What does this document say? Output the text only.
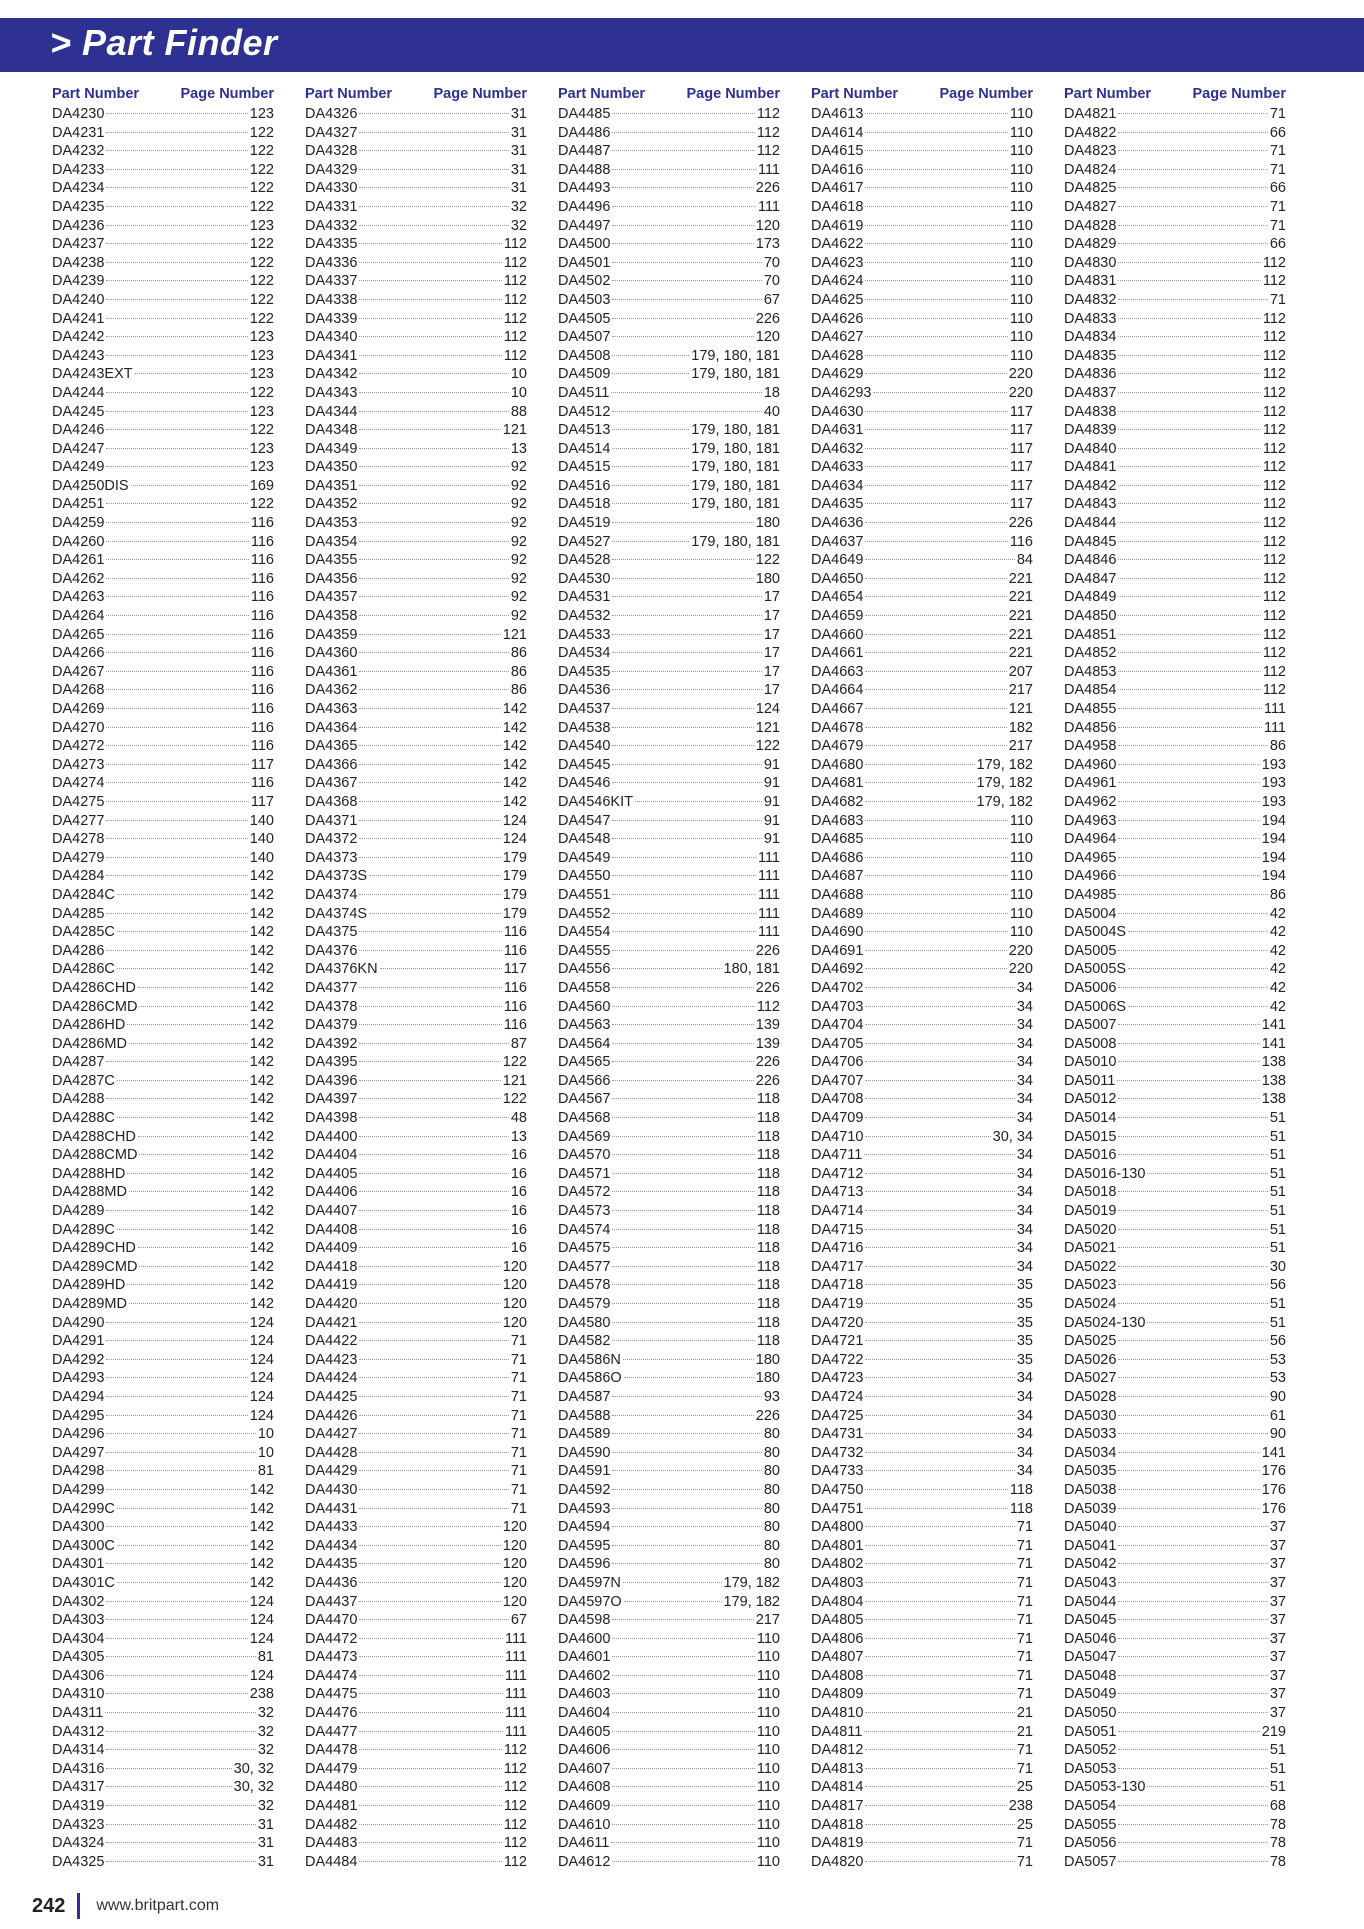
> Part Finder
Part Number	Page Number
DA4230	123
DA4231	122
DA4232	122
DA4233	122
DA4234	122
DA4235	122
DA4236	123
DA4237	122
DA4238	122
DA4239	122
DA4240	122
DA4241	122
DA4242	123
DA4243	123
DA4243EXT	123
DA4244	122
DA4245	123
DA4246	122
DA4247	123
DA4249	123
DA4250DIS	169
DA4251	122
DA4259	116
DA4260	116
DA4261	116
DA4262	116
DA4263	116
DA4264	116
DA4265	116
DA4266	116
DA4267	116
DA4268	116
DA4269	116
DA4270	116
DA4272	116
DA4273	117
DA4274	116
DA4275	117
DA4277	140
DA4278	140
DA4279	140
DA4284	142
DA4284C	142
DA4285	142
DA4285C	142
DA4286	142
DA4286C	142
DA4286CHD	142
DA4286CMD	142
DA4286HD	142
DA4286MD	142
DA4287	142
DA4287C	142
DA4288	142
DA4288C	142
DA4288CHD	142
DA4288CMD	142
DA4288HD	142
DA4288MD	142
DA4289	142
DA4289C	142
DA4289CHD	142
DA4289CMD	142
DA4289HD	142
DA4289MD	142
DA4290	124
DA4291	124
DA4292	124
DA4293	124
DA4294	124
DA4295	124
DA4296	10
DA4297	10
DA4298	81
DA4299	142
DA4299C	142
DA4300	142
DA4300C	142
DA4301	142
DA4301C	142
DA4302	124
DA4303	124
DA4304	124
DA4305	81
DA4306	124
DA4310	238
DA4311	32
DA4312	32
DA4314	32
DA4316	30, 32
DA4317	30, 32
DA4319	32
DA4323	31
DA4324	31
DA4325	31
Part Number	Page Number
DA4326	31
DA4327	31
DA4328	31
DA4329	31
DA4330	31
DA4331	32
DA4332	32
DA4335	112
DA4336	112
DA4337	112
DA4338	112
DA4339	112
DA4340	112
DA4341	112
DA4342	10
DA4343	10
DA4344	88
DA4348	121
DA4349	13
DA4350	92
DA4351	92
DA4352	92
DA4353	92
DA4354	92
DA4355	92
DA4356	92
DA4357	92
DA4358	92
DA4359	121
DA4360	86
DA4361	86
DA4362	86
DA4363	142
DA4364	142
DA4365	142
DA4366	142
DA4367	142
DA4368	142
DA4371	124
DA4372	124
DA4373	179
DA4373S	179
DA4374	179
DA4374S	179
DA4375	116
DA4376	116
DA4376KN	117
DA4377	116
DA4378	116
DA4379	116
DA4392	87
DA4395	122
DA4396	121
DA4397	122
DA4398	48
DA4400	13
DA4404	16
DA4405	16
DA4406	16
DA4407	16
DA4408	16
DA4409	16
DA4418	120
DA4419	120
DA4420	120
DA4421	120
DA4422	71
DA4423	71
DA4424	71
DA4425	71
DA4426	71
DA4427	71
DA4428	71
DA4429	71
DA4430	71
DA4431	71
DA4433	120
DA4434	120
DA4435	120
DA4436	120
DA4437	120
DA4470	67
DA4472	111
DA4473	111
DA4474	111
DA4475	111
DA4476	111
DA4477	111
DA4478	112
DA4479	112
DA4480	112
DA4481	112
DA4482	112
DA4483	112
DA4484	112
Part Number	Page Number
DA4485	112
DA4486	112
DA4487	112
DA4488	111
DA4493	226
DA4496	111
DA4497	120
DA4500	173
DA4501	70
DA4502	70
DA4503	67
DA4505	226
DA4507	120
DA4508	179, 180, 181
DA4509	179, 180, 181
DA4511	18
DA4512	40
DA4513	179, 180, 181
DA4514	179, 180, 181
DA4515	179, 180, 181
DA4516	179, 180, 181
DA4518	179, 180, 181
DA4519	180
DA4527	179, 180, 181
DA4528	122
DA4530	180
DA4531	17
DA4532	17
DA4533	17
DA4534	17
DA4535	17
DA4536	17
DA4537	124
DA4538	121
DA4540	122
DA4545	91
DA4546	91
DA4546KIT	91
DA4547	91
DA4548	91
DA4549	111
DA4550	111
DA4551	111
DA4552	111
DA4554	111
DA4555	226
DA4556	180, 181
DA4558	226
DA4560	112
DA4563	139
DA4564	139
DA4565	226
DA4566	226
DA4567	118
DA4568	118
DA4569	118
DA4570	118
DA4571	118
DA4572	118
DA4573	118
DA4574	118
DA4575	118
DA4577	118
DA4578	118
DA4579	118
DA4580	118
DA4582	118
DA4586N	180
DA4586O	180
DA4587	93
DA4588	226
DA4589	80
DA4590	80
DA4591	80
DA4592	80
DA4593	80
DA4594	80
DA4595	80
DA4596	80
DA4597N	179, 182
DA4597O	179, 182
DA4598	217
DA4600	110
DA4601	110
DA4602	110
DA4603	110
DA4604	110
DA4605	110
DA4606	110
DA4607	110
DA4608	110
DA4609	110
DA4610	110
DA4611	110
DA4612	110
Part Number	Page Number
DA4613	110
DA4614	110
DA4615	110
DA4616	110
DA4617	110
DA4618	110
DA4619	110
DA4622	110
DA4623	110
DA4624	110
DA4625	110
DA4626	110
DA4627	110
DA4628	110
DA4629	220
DA46293	220
DA4630	117
DA4631	117
DA4632	117
DA4633	117
DA4634	117
DA4635	117
DA4636	226
DA4637	116
DA4649	84
DA4650	221
DA4654	221
DA4659	221
DA4660	221
DA4661	221
DA4663	207
DA4664	217
DA4667	121
DA4678	182
DA4679	217
DA4680	179, 182
DA4681	179, 182
DA4682	179, 182
DA4683	110
DA4685	110
DA4686	110
DA4687	110
DA4688	110
DA4689	110
DA4690	110
DA4691	220
DA4692	220
DA4702	34
DA4703	34
DA4704	34
DA4705	34
DA4706	34
DA4707	34
DA4708	34
DA4709	34
DA4710	30, 34
DA4711	34
DA4712	34
DA4713	34
DA4714	34
DA4715	34
DA4716	34
DA4717	34
DA4718	35
DA4719	35
DA4720	35
DA4721	35
DA4722	35
DA4723	34
DA4724	34
DA4725	34
DA4731	34
DA4732	34
DA4733	34
DA4750	118
DA4751	118
DA4800	71
DA4801	71
DA4802	71
DA4803	71
DA4804	71
DA4805	71
DA4806	71
DA4807	71
DA4808	71
DA4809	71
DA4810	21
DA4811	21
DA4812	71
DA4813	71
DA4814	25
DA4817	238
DA4818	25
DA4819	71
DA4820	71
Part Number	Page Number
DA4821	71
DA4822	66
DA4823	71
DA4824	71
DA4825	66
DA4827	71
DA4828	71
DA4829	66
DA4830	112
DA4831	112
DA4832	71
DA4833	112
DA4834	112
DA4835	112
DA4836	112
DA4837	112
DA4838	112
DA4839	112
DA4840	112
DA4841	112
DA4842	112
DA4843	112
DA4844	112
DA4845	112
DA4846	112
DA4847	112
DA4849	112
DA4850	112
DA4851	112
DA4852	112
DA4853	112
DA4854	112
DA4855	111
DA4856	111
DA4958	86
DA4960	193
DA4961	193
DA4962	193
DA4963	194
DA4964	194
DA4965	194
DA4966	194
DA4985	86
DA5004	42
DA5004S	42
DA5005	42
DA5005S	42
DA5006	42
DA5006S	42
DA5007	141
DA5008	141
DA5010	138
DA5011	138
DA5012	138
DA5014	51
DA5015	51
DA5016	51
DA5016-130	51
DA5018	51
DA5019	51
DA5020	51
DA5021	51
DA5022	30
DA5023	56
DA5024	51
DA5024-130	51
DA5025	56
DA5026	53
DA5027	53
DA5028	90
DA5030	61
DA5033	90
DA5034	141
DA5035	176
DA5038	176
DA5039	176
DA5040	37
DA5041	37
DA5042	37
DA5043	37
DA5044	37
DA5045	37
DA5046	37
DA5047	37
DA5048	37
DA5049	37
DA5050	37
DA5051	219
DA5052	51
DA5053	51
DA5053-130	51
DA5054	68
DA5055	78
DA5056	78
DA5057	78
242 www.britpart.com
